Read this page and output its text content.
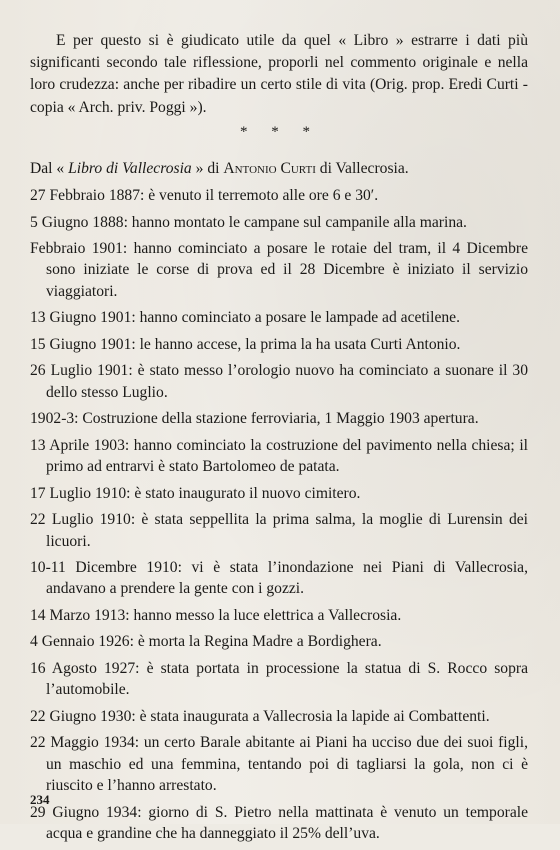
E per questo si è giudicato utile da quel « Libro » estrarre i dati più significanti secondo tale riflessione, proporli nel commento originale e nella loro crudezza: anche per ribadire un certo stile di vita (Orig. prop. Eredi Curti - copia « Arch. priv. Poggi »).

* * *

Dal « Libro di Vallecrosia » di Antonio Curti di Vallecrosia.

27 Febbraio 1887: è venuto il terremoto alle ore 6 e 30′.
5 Giugno 1888: hanno montato le campane sul campanile alla marina.
Febbraio 1901: hanno cominciato a posare le rotaie del tram, il 4 Dicembre sono iniziate le corse di prova ed il 28 Dicembre è iniziato il servizio viaggiatori.
13 Giugno 1901: hanno cominciato a posare le lampade ad acetilene.
15 Giugno 1901: le hanno accese, la prima la ha usata Curti Antonio.
26 Luglio 1901: è stato messo l’orologio nuovo ha cominciato a suonare il 30 dello stesso Luglio.
1902-3: Costruzione della stazione ferroviaria, 1 Maggio 1903 apertura.
13 Aprile 1903: hanno cominciato la costruzione del pavimento nella chiesa; il primo ad entrarvi è stato Bartolomeo de patata.
17 Luglio 1910: è stato inaugurato il nuovo cimitero.
22 Luglio 1910: è stata seppellita la prima salma, la moglie di Lurensin dei licuori.
10-11 Dicembre 1910: vi è stata l’inondazione nei Piani di Vallecrosia, andavano a prendere la gente con i gozzi.
14 Marzo 1913: hanno messo la luce elettrica a Vallecrosia.
4 Gennaio 1926: è morta la Regina Madre a Bordighera.
16 Agosto 1927: è stata portata in processione la statua di S. Rocco sopra l’automobile.
22 Giugno 1930: è stata inaugurata a Vallecrosia la lapide ai Combattenti.
22 Maggio 1934: un certo Barale abitante ai Piani ha ucciso due dei suoi figli, un maschio ed una femmina, tentando poi di tagliarsi la gola, non ci è riuscito e l’hanno arrestato.
29 Giugno 1934: giorno di S. Pietro nella mattinata è venuto un temporale acqua e grandine che ha danneggiato il 25% dell’uva.

234
